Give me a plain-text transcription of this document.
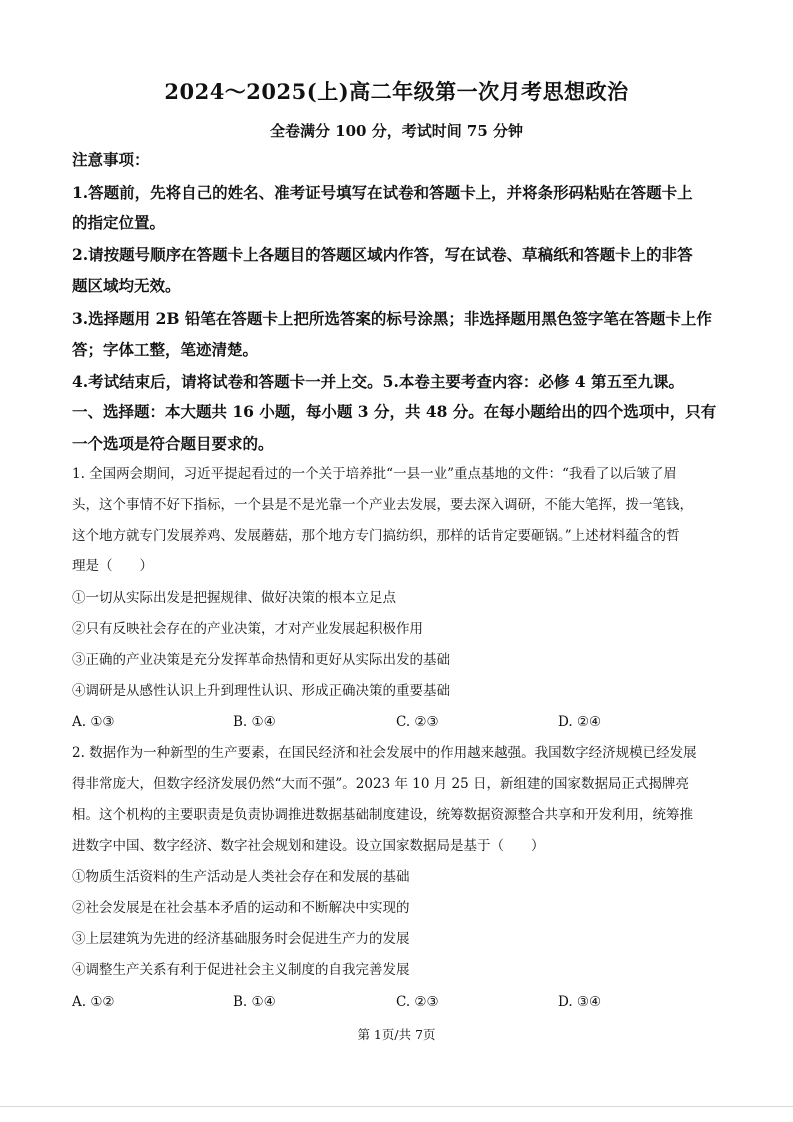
2024～2025(上)高二年级第一次月考思想政治
全卷满分 100 分，考试时间 75 分钟
注意事项：
1.答题前，先将自己的姓名、准考证号填写在试卷和答题卡上，并将条形码粘贴在答题卡上
的指定位置。
2.请按题号顺序在答题卡上各题目的答题区域内作答，写在试卷、草稿纸和答题卡上的非答
题区域均无效。
3.选择题用 2B 铅笔在答题卡上把所选答案的标号涂黑；非选择题用黑色签字笔在答题卡上作
答；字体工整，笔迹清楚。
4.考试结束后，请将试卷和答题卡一并上交。5.本卷主要考查内容：必修 4 第五至九课。
一、选择题：本大题共 16 小题，每小题 3 分，共 48 分。在每小题给出的四个选项中，只有
一个选项是符合题目要求的。
1. 全国两会期间，习近平提起看过的一个关于培养批“一县一业”重点基地的文件：“我看了以后皱了眉
头，这个事情不好下指标，一个县是不是光靠一个产业去发展，要去深入调研，不能大笔挥，拨一笔钱，
这个地方就专门发展养鸡、发展蘑菇，那个地方专门搞纺织，那样的话肯定要砸锅。”上述材料蕴含的哲
理是（　　）
①一切从实际出发是把握规律、做好决策的根本立足点
②只有反映社会存在的产业决策，才对产业发展起积极作用
③正确的产业决策是充分发挥革命热情和更好从实际出发的基础
④调研是从感性认识上升到理性认识、形成正确决策的重要基础
A. ①③	B. ①④	C. ②③	D. ②④
2. 数据作为一种新型的生产要素，在国民经济和社会发展中的作用越来越强。我国数字经济规模已经发展
得非常庞大，但数字经济发展仍然“大而不强”。2023 年 10 月 25 日，新组建的国家数据局正式揭牌亮
相。这个机构的主要职责是负责协调推进数据基础制度建设，统筹数据资源整合共享和开发利用，统筹推
进数字中国、数字经济、数字社会规划和建设。设立国家数据局是基于（　　）
①物质生活资料的生产活动是人类社会存在和发展的基础
②社会发展是在社会基本矛盾的运动和不断解决中实现的
③上层建筑为先进的经济基础服务时会促进生产力的发展
④调整生产关系有利于促进社会主义制度的自我完善发展
A. ①②	B. ①④	C. ②③	D. ③④
第 1页/共 7页
